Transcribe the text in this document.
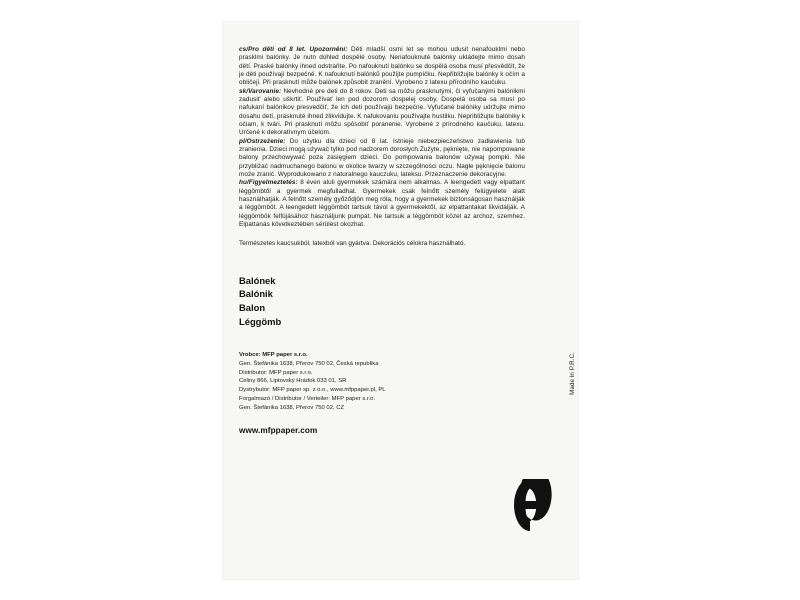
cs/Pro děti od 8 let. Upozornění: Děti mladší osmi let se mohou udusit nenafouklmi nebo prasklmi balónky. Je nutn dohled dospělé osoby. Nenafouknuté balónky ukládejte mimo dosah dětí. Praské balónky ihned odstraňte. Po nafouknutí balónku se dospělá osoba musí přesvědčit, že je děti používají bezpečně. K nafouknutí balónků použijte pumpíčku. Nepřibližujte balónky k očím a obličeji. Při prasknutí může balónek způsobit zranění. Vyrobeno z latexu přírodního kaučuku.
sk/Varovanie: Nevhodné pre deti do 8 rokov. Deti sa môžu prasknutými, či vyfučanými balónikmi zadusiť alebo uškrtiť. Používať len pod dozorom dospelej osoby. Dospelá osoba sa musí po nafukaní balónikov presvedčiť, že ich deti používajú bezpečne. Vyfučané balóniky udržujte mimo dosahu detí, prasknuté ihned zlikvidujte. K nafukovaniu používajte hustilku. Nepribližujte balóniky k očiam, k tvári. Pri prasknutí môžu spôsobiť poranenie. Vyrobené z prírodného kaučuku, latexu. Určené k dekoratívnym účelom.
pl/Ostrzeżenie: Do użytku dla dzieci od 8 lat. Istnieje niebezpieczeństwo zadławienia lub zranienia. Dzieci mogą używać tylko pod nadzorem dorosłych.Zużyte, pęknięte, nie napompowane balony przechowywać poza zasięgiem dzieci. Do pompowania balonów używaj pompki. Nie przybliżać nadmuchanego balonu w okolice twarzy w szczególności oczu. Nagłe pęknięcie balonu może zranić. Wyprodukowano z naturalnego kauczuku, lateksu. Przeznaczenie dekoracyjne.
hu/Figyelmeztetés: 8 éven aluli gyermekek számára nem alkalmas. A leengedett vagy elpattant léggömbtől a gyermek megfulladhat. Gyermekek csak felnőtt személy felügyelete alatt használhatják. A felnőtt személy győződjön meg róla, hogy a gyermekek biztonságosan használják a léggömböt. A leengedett léggömböt tartsuk távol a gyermekektől, az elpattantakat likvidálják. A léggömbök felfújásához használjunk pumpát. Ne tartsuk a léggömböt közel az archoz, szemhez. Elpattanás következtében sérülést okozhat.
Természetes kaucsukból, latexból van gyártva. Dekorációs célokra használható.
Balónek
Balónik
Balon
Léggömb
Vrobce: MFP paper s.r.o.
Gen. Štefánika 1638, Přerov 750 02, Česká republika
Distributor: MFP paper s.r.o.
Celiny 866, Liptovský Hrádok 033 01, SR
Dystrybutor: MFP paper sp. z o.o., www.mfppaper.pl, PL
Forgalmazó / Distributor / Verteiler: MFP paper s.r.o.
Gen. Štefánika 1638, Přerov 750 02, CZ
www.mfppaper.com
Made in P.R.C.
